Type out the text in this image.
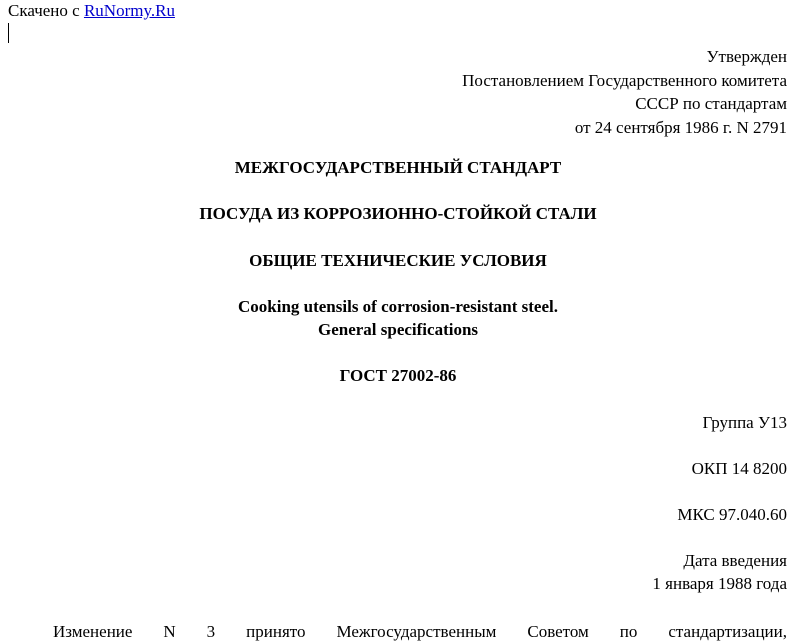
Скачено с RuNormy.Ru
Утвержден
Постановлением Государственного комитета
СССР по стандартам
от 24 сентября 1986 г. N 2791
МЕЖГОСУДАРСТВЕННЫЙ СТАНДАРТ
ПОСУДА ИЗ КОРРОЗИОННО-СТОЙКОЙ СТАЛИ
ОБЩИЕ ТЕХНИЧЕСКИЕ УСЛОВИЯ
Cooking utensils of corrosion-resistant steel.
General specifications
ГОСТ 27002-86
Группа У13
ОКП 14 8200
МКС 97.040.60
Дата введения
1 января 1988 года
Изменение N 3 принято Межгосударственным Советом по стандартизации,
